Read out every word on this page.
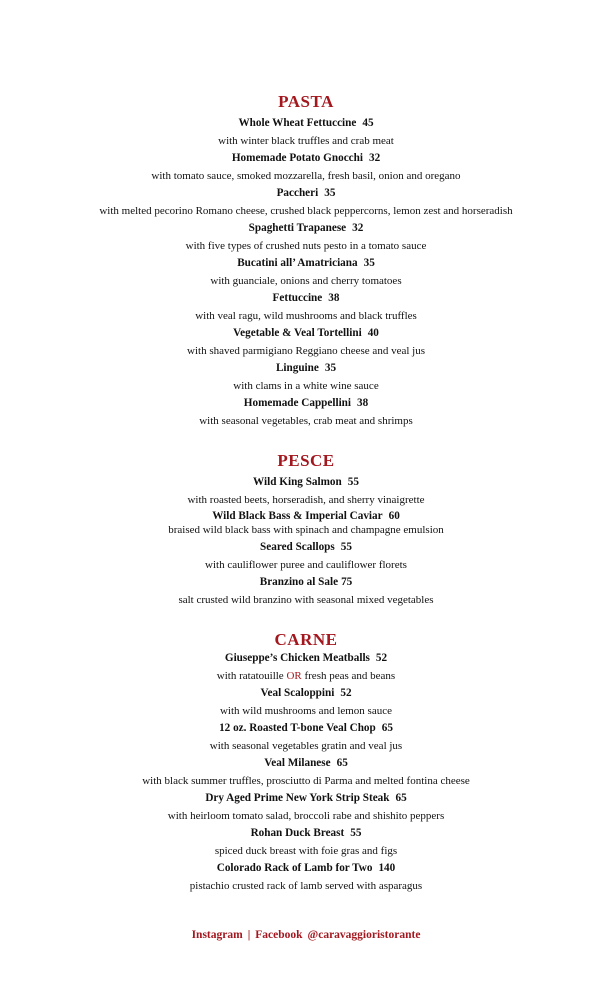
PASTA
Whole Wheat Fettuccine 45
with winter black truffles and crab meat
Homemade Potato Gnocchi 32
with tomato sauce, smoked mozzarella, fresh basil, onion and oregano
Paccheri 35
with melted pecorino Romano cheese, crushed black peppercorns, lemon zest and horseradish
Spaghetti Trapanese 32
with five types of crushed nuts pesto in a tomato sauce
Bucatini all’ Amatriciana 35
with guanciale, onions and cherry tomatoes
Fettuccine 38
with veal ragu, wild mushrooms and black truffles
Vegetable & Veal Tortellini 40
with shaved parmigiano Reggiano cheese and veal jus
Linguine 35
with clams in a white wine sauce
Homemade Cappellini 38
with seasonal vegetables, crab meat and shrimps
PESCE
Wild King Salmon 55
with roasted beets, horseradish, and sherry vinaigrette
Wild Black Bass & Imperial Caviar 60
braised wild black bass with spinach and champagne emulsion
Seared Scallops 55
with cauliflower puree and cauliflower florets
Branzino al Sale 75
salt crusted wild branzino with seasonal mixed vegetables
CARNE
Giuseppe’s Chicken Meatballs 52
with ratatouille OR fresh peas and beans
Veal Scaloppini 52
with wild mushrooms and lemon sauce
12 oz. Roasted T-bone Veal Chop 65
with seasonal vegetables gratin and veal jus
Veal Milanese 65
with black summer truffles, prosciutto di Parma and melted fontina cheese
Dry Aged Prime New York Strip Steak 65
with heirloom tomato salad, broccoli rabe and shishito peppers
Rohan Duck Breast 55
spiced duck breast with foie gras and figs
Colorado Rack of Lamb for Two 140
pistachio crusted rack of lamb served with asparagus
Instagram | Facebook @caravaggioristorante
